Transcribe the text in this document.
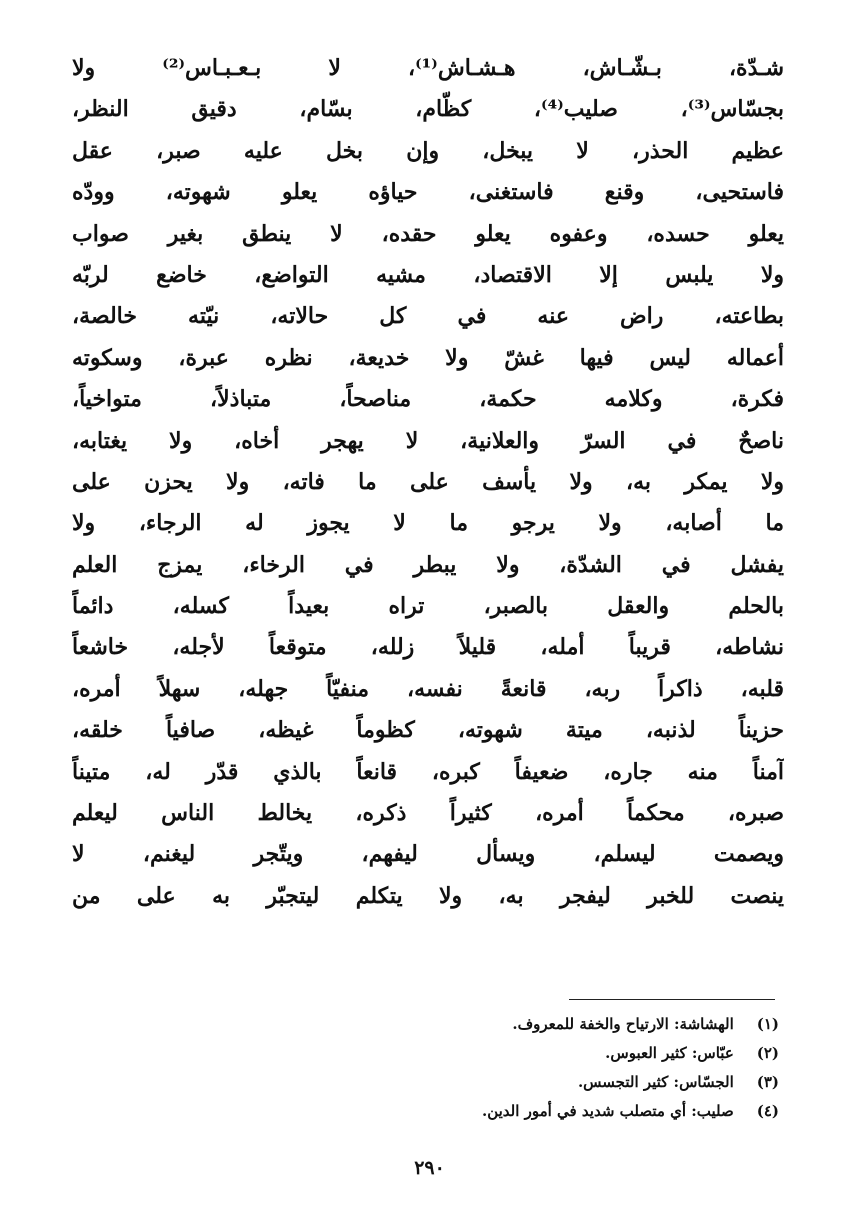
شـدّة، بـشّـاش، هـشـاش⁽¹⁾، لا بـعـبـاس⁽²⁾ ولا
بجسّاس⁽³⁾، صليب⁽⁴⁾، كظّام، بسّام، دقيق النظر،
عظيم الحذر، لا يبخل، وإن بخل عليه صبر، عقل
فاستحيى، وقنع فاستغنى، حياؤه يعلو شهوته، وودّه
يعلو حسده، وعفوه يعلو حقده، لا ينطق بغير صواب
ولا يلبس إلا الاقتصاد، مشيه التواضع، خاضع لربّه
بطاعته، راض عنه في كل حالاته، نيّته خالصة،
أعماله ليس فيها غشّ ولا خديعة، نظره عبرة، وسكوته
فكرة، وكلامه حكمة، مناصحاً، متباذلاً، متواخياً،
ناصحٌ في السرّ والعلانية، لا يهجر أخاه، ولا يغتابه،
ولا يمكر به، ولا يأسف على ما فاته، ولا يحزن على
ما أصابه، ولا يرجو ما لا يجوز له الرجاء، ولا
يفشل في الشدّة، ولا يبطر في الرخاء، يمزج العلم
بالحلم والعقل بالصبر، تراه بعيداً كسله، دائماً
نشاطه، قريباً أمله، قليلاً زلله، متوقعاً لأجله، خاشعاً
قلبه، ذاكراً ربه، قانعةً نفسه، منفيّاً جهله، سهلاً أمره،
حزيناً لذنبه، ميتة شهوته، كظوماً غيظه، صافياً خلقه،
آمناً منه جاره، ضعيفاً كبره، قانعاً بالذي قدّر له، متيناً
صبره، محكماً أمره، كثيراً ذكره، يخالط الناس ليعلم
ويصمت ليسلم، ويسأل ليفهم، ويتّجر ليغنم، لا
ينصت للخبر ليفجر به، ولا يتكلم ليتجبّر به على من
(١) الهشاشة: الارتياح والخفة للمعروف.
(٢) عبّاس: كثير العبوس.
(٣) الجسّاس: كثير التجسس.
(٤) صليب: أي متصلب شديد في أمور الدين.
٢٩٠
